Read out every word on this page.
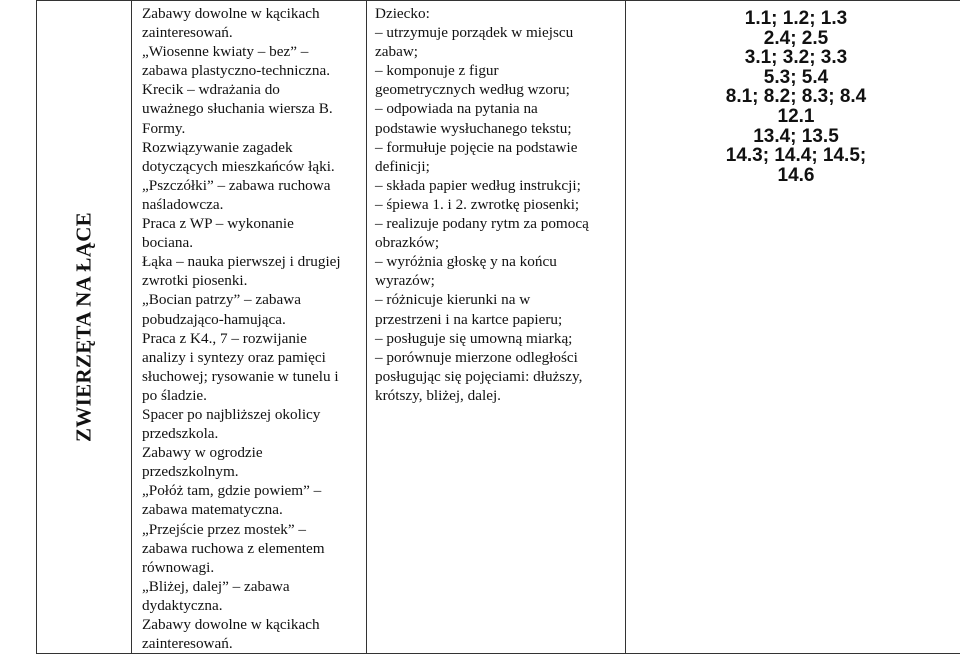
ZWIERZĘTA NA ŁĄCE

Zabawy dowolne w kącikach
zainteresowań.
„Wiosenne kwiaty – bez” –
zabawa plastyczno-techniczna.
Krecik – wdrażania do
uważnego słuchania wiersza B.
Formy.
Rozwiązywanie zagadek
dotyczących mieszkańców łąki.
„Pszczółki” – zabawa ruchowa
naśladowcza.
Praca z WP – wykonanie
bociana.
Łąka – nauka pierwszej i drugiej
zwrotki piosenki.
„Bocian patrzy” – zabawa
pobudzająco-hamująca.
Praca z K4., 7 – rozwijanie
analizy i syntezy oraz pamięci
słuchowej; rysowanie w tunelu i
po śladzie.
Spacer po najbliższej okolicy
przedszkola.
Zabawy w ogrodzie
przedszkolnym.
„Połóż tam, gdzie powiem” –
zabawa matematyczna.
„Przejście przez mostek” –
zabawa ruchowa z elementem
równowagi.
„Bliżej, dalej” – zabawa
dydaktyczna.
Zabawy dowolne w kącikach
zainteresowań.

Dziecko:
– utrzymuje porządek w miejscu
zabaw;
– komponuje z figur
geometrycznych według wzoru;
– odpowiada na pytania na
podstawie wysłuchanego tekstu;
– formułuje pojęcie na podstawie
definicji;
– składa papier według instrukcji;
– śpiewa 1. i 2. zwrotkę piosenki;
– realizuje podany rytm za pomocą
obrazków;
– wyróżnia głoskę y na końcu
wyrazów;
– różnicuje kierunki na w
przestrzeni i na kartce papieru;
– posługuje się umowną miarką;
– porównuje mierzone odległości
posługując się pojęciami: dłuższy,
krótszy, bliżej, dalej.

1.1; 1.2; 1.3
2.4; 2.5
3.1; 3.2; 3.3
5.3; 5.4
8.1; 8.2; 8.3; 8.4
12.1
13.4; 13.5
14.3; 14.4; 14.5;
14.6
